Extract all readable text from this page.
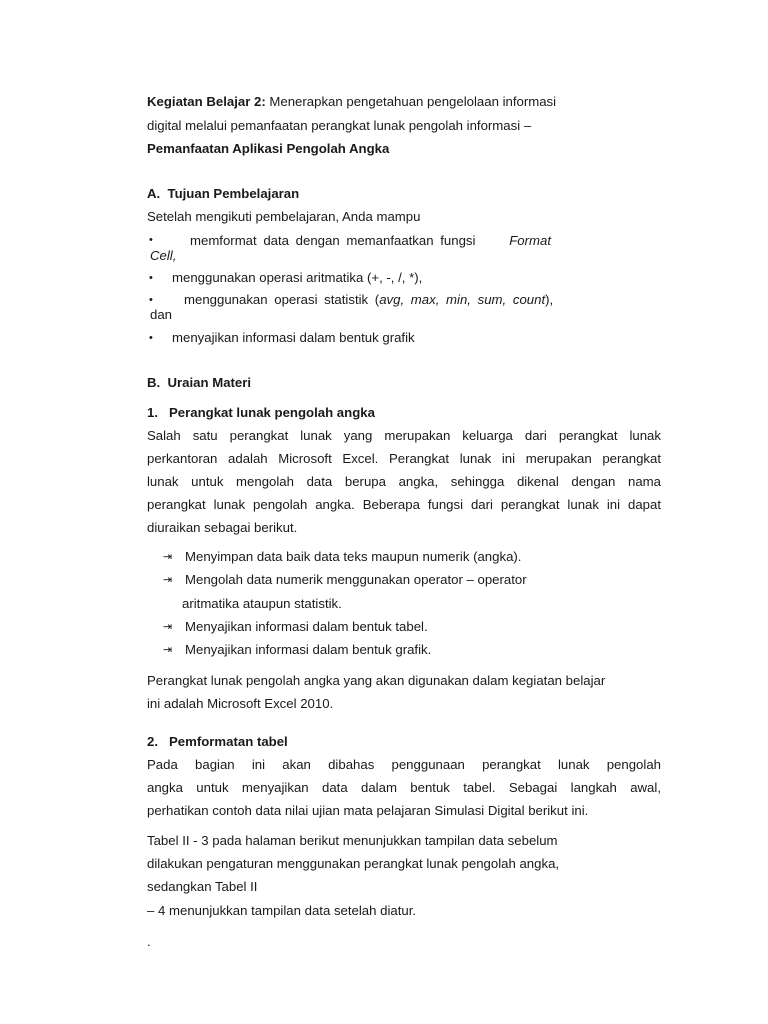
Kegiatan Belajar 2: Menerapkan pengetahuan pengelolaan informasi
digital melalui pemanfaatan perangkat lunak pengolah informasi –
Pemanfaatan Aplikasi Pengolah Angka
A. Tujuan Pembelajaran
Setelah mengikuti pembelajaran, Anda mampu
•	memformat data dengan memanfaatkan fungsi	Format
Cell,
• menggunakan operasi aritmatika (+, -, /, *),
• menggunakan operasi statistik (avg, max, min, sum, count),
dan
• menyajikan informasi dalam bentuk grafik
B. Uraian Materi
1. Perangkat lunak pengolah angka
Salah satu perangkat lunak yang merupakan keluarga dari perangkat lunak
perkantoran adalah Microsoft Excel. Perangkat lunak ini merupakan perangkat
lunak untuk mengolah data berupa angka, sehingga dikenal dengan nama
perangkat lunak pengolah angka. Beberapa fungsi dari perangkat lunak ini dapat
diuraikan sebagai berikut.
⇥ Menyimpan data baik data teks maupun numerik (angka).
⇥ Mengolah data numerik menggunakan operator – operator
aritmatika ataupun statistik.
⇥ Menyajikan informasi dalam bentuk tabel.
⇥ Menyajikan informasi dalam bentuk grafik.
Perangkat lunak pengolah angka yang akan digunakan dalam kegiatan belajar
ini adalah Microsoft Excel 2010.
2. Pemformatan tabel
Pada bagian ini akan dibahas penggunaan perangkat lunak pengolah
angka untuk menyajikan data dalam bentuk tabel. Sebagai langkah awal,
perhatikan contoh data nilai ujian mata pelajaran Simulasi Digital berikut ini.
Tabel II - 3 pada halaman berikut menunjukkan tampilan data sebelum
dilakukan pengaturan menggunakan perangkat lunak pengolah angka,
sedangkan Tabel II
– 4 menunjukkan tampilan data setelah diatur.
.
